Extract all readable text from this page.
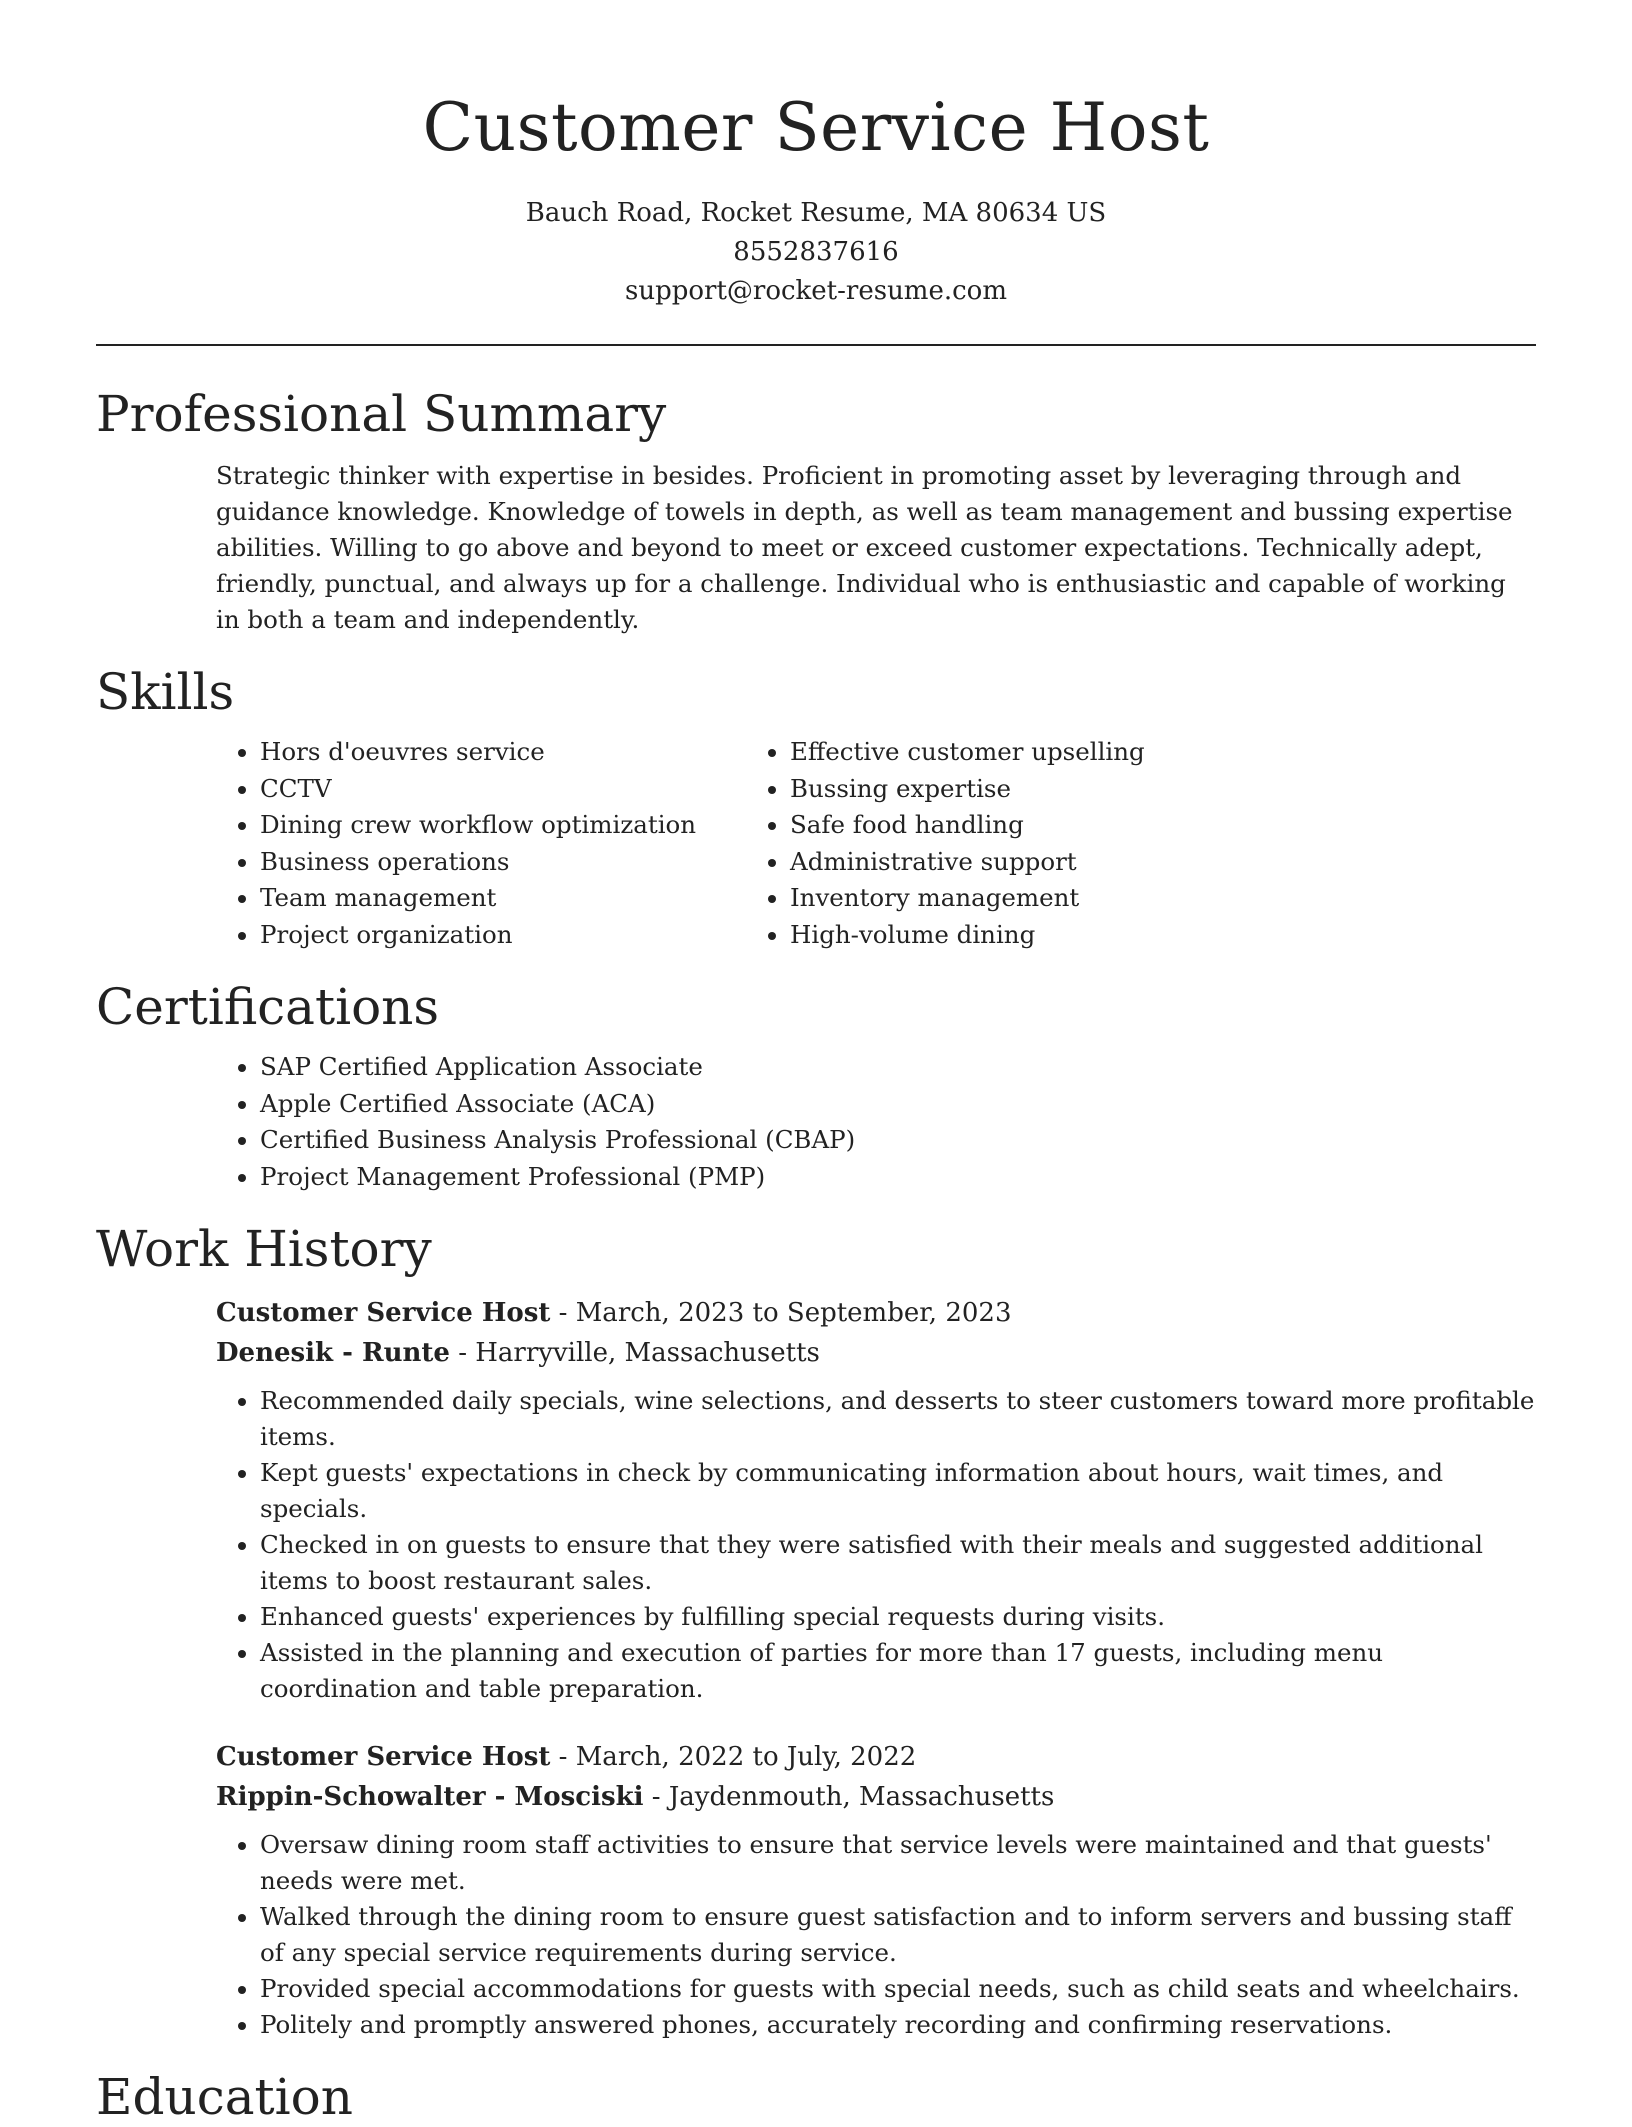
Customer Service Host
Bauch Road, Rocket Resume, MA 80634 US
8552837616
support@rocket-resume.com
Professional Summary

Strategic thinker with expertise in besides. Proficient in promoting asset by leveraging through and guidance knowledge. Knowledge of towels in depth, as well as team management and bussing expertise abilities. Willing to go above and beyond to meet or exceed customer expectations. Technically adept, friendly, punctual, and always up for a challenge. Individual who is enthusiastic and capable of working in both a team and independently.

Skills
• Hors d'oeuvres service
• CCTV
• Dining crew workflow optimization
• Business operations
• Team management
• Project organization
• Effective customer upselling
• Bussing expertise
• Safe food handling
• Administrative support
• Inventory management
• High-volume dining
Certifications
• SAP Certified Application Associate
• Apple Certified Associate (ACA)
• Certified Business Analysis Professional (CBAP)
• Project Management Professional (PMP)
Work History
Customer Service Host - March, 2023 to September, 2023
Denesik - Runte - Harryville, Massachusetts
• Recommended daily specials, wine selections, and desserts to steer customers toward more profitable items.
• Kept guests' expectations in check by communicating information about hours, wait times, and specials.
• Checked in on guests to ensure that they were satisfied with their meals and suggested additional items to boost restaurant sales.
• Enhanced guests' experiences by fulfilling special requests during visits.
• Assisted in the planning and execution of parties for more than 17 guests, including menu coordination and table preparation.
Customer Service Host - March, 2022 to July, 2022
Rippin-Schowalter - Mosciski - Jaydenmouth, Massachusetts
• Oversaw dining room staff activities to ensure that service levels were maintained and that guests' needs were met.
• Walked through the dining room to ensure guest satisfaction and to inform servers and bussing staff of any special service requirements during service.
• Provided special accommodations for guests with special needs, such as child seats and wheelchairs.
• Politely and promptly answered phones, accurately recording and confirming reservations.
Education
